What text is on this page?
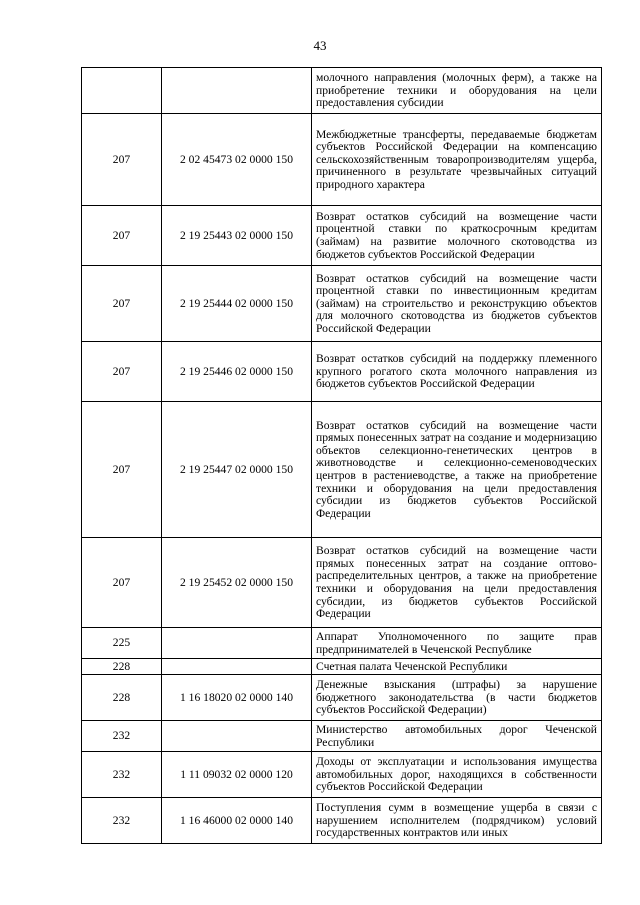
43
		молочного направления (молочных ферм), а также на приобретение техники и оборудования на цели предоставления субсидии
207	2 02 45473 02 0000 150	Межбюджетные трансферты, передаваемые бюджетам субъектов Российской Федерации на компенсацию сельскохозяйственным товаропроизводителям ущерба, причиненного в результате чрезвычайных ситуаций природного характера
207	2 19 25443 02 0000 150	Возврат остатков субсидий на возмещение части процентной ставки по краткосрочным кредитам (займам) на развитие молочного скотоводства из бюджетов субъектов Российской Федерации
207	2 19 25444 02 0000 150	Возврат остатков субсидий на возмещение части процентной ставки по инвестиционным кредитам (займам) на строительство и реконструкцию объектов для молочного скотоводства из бюджетов субъектов Российской Федерации
207	2 19 25446 02 0000 150	Возврат остатков субсидий на поддержку племенного крупного рогатого скота молочного направления из бюджетов субъектов Российской Федерации
207	2 19 25447 02 0000 150	Возврат остатков субсидий на возмещение части прямых понесенных затрат на создание и модернизацию объектов селекционно-генетических центров в животноводстве и селекционно-семеноводческих центров в растениеводстве, а также на приобретение техники и оборудования на цели предоставления субсидии из бюджетов субъектов Российской Федерации
207	2 19 25452 02 0000 150	Возврат остатков субсидий на возмещение части прямых понесенных затрат на создание оптово-распределительных центров, а также на приобретение техники и оборудования на цели предоставления субсидии, из бюджетов субъектов Российской Федерации
225		Аппарат Уполномоченного по защите прав предпринимателей в Чеченской Республике
228		Счетная палата Чеченской Республики
228	1 16 18020 02 0000 140	Денежные взыскания (штрафы) за нарушение бюджетного законодательства (в части бюджетов субъектов Российской Федерации)
232		Министерство автомобильных дорог Чеченской Республики
232	1 11 09032 02 0000 120	Доходы от эксплуатации и использования имущества автомобильных дорог, находящихся в собственности субъектов Российской Федерации
232	1 16 46000 02 0000 140	Поступления сумм в возмещение ущерба в связи с нарушением исполнителем (подрядчиком) условий государственных контрактов или иных
